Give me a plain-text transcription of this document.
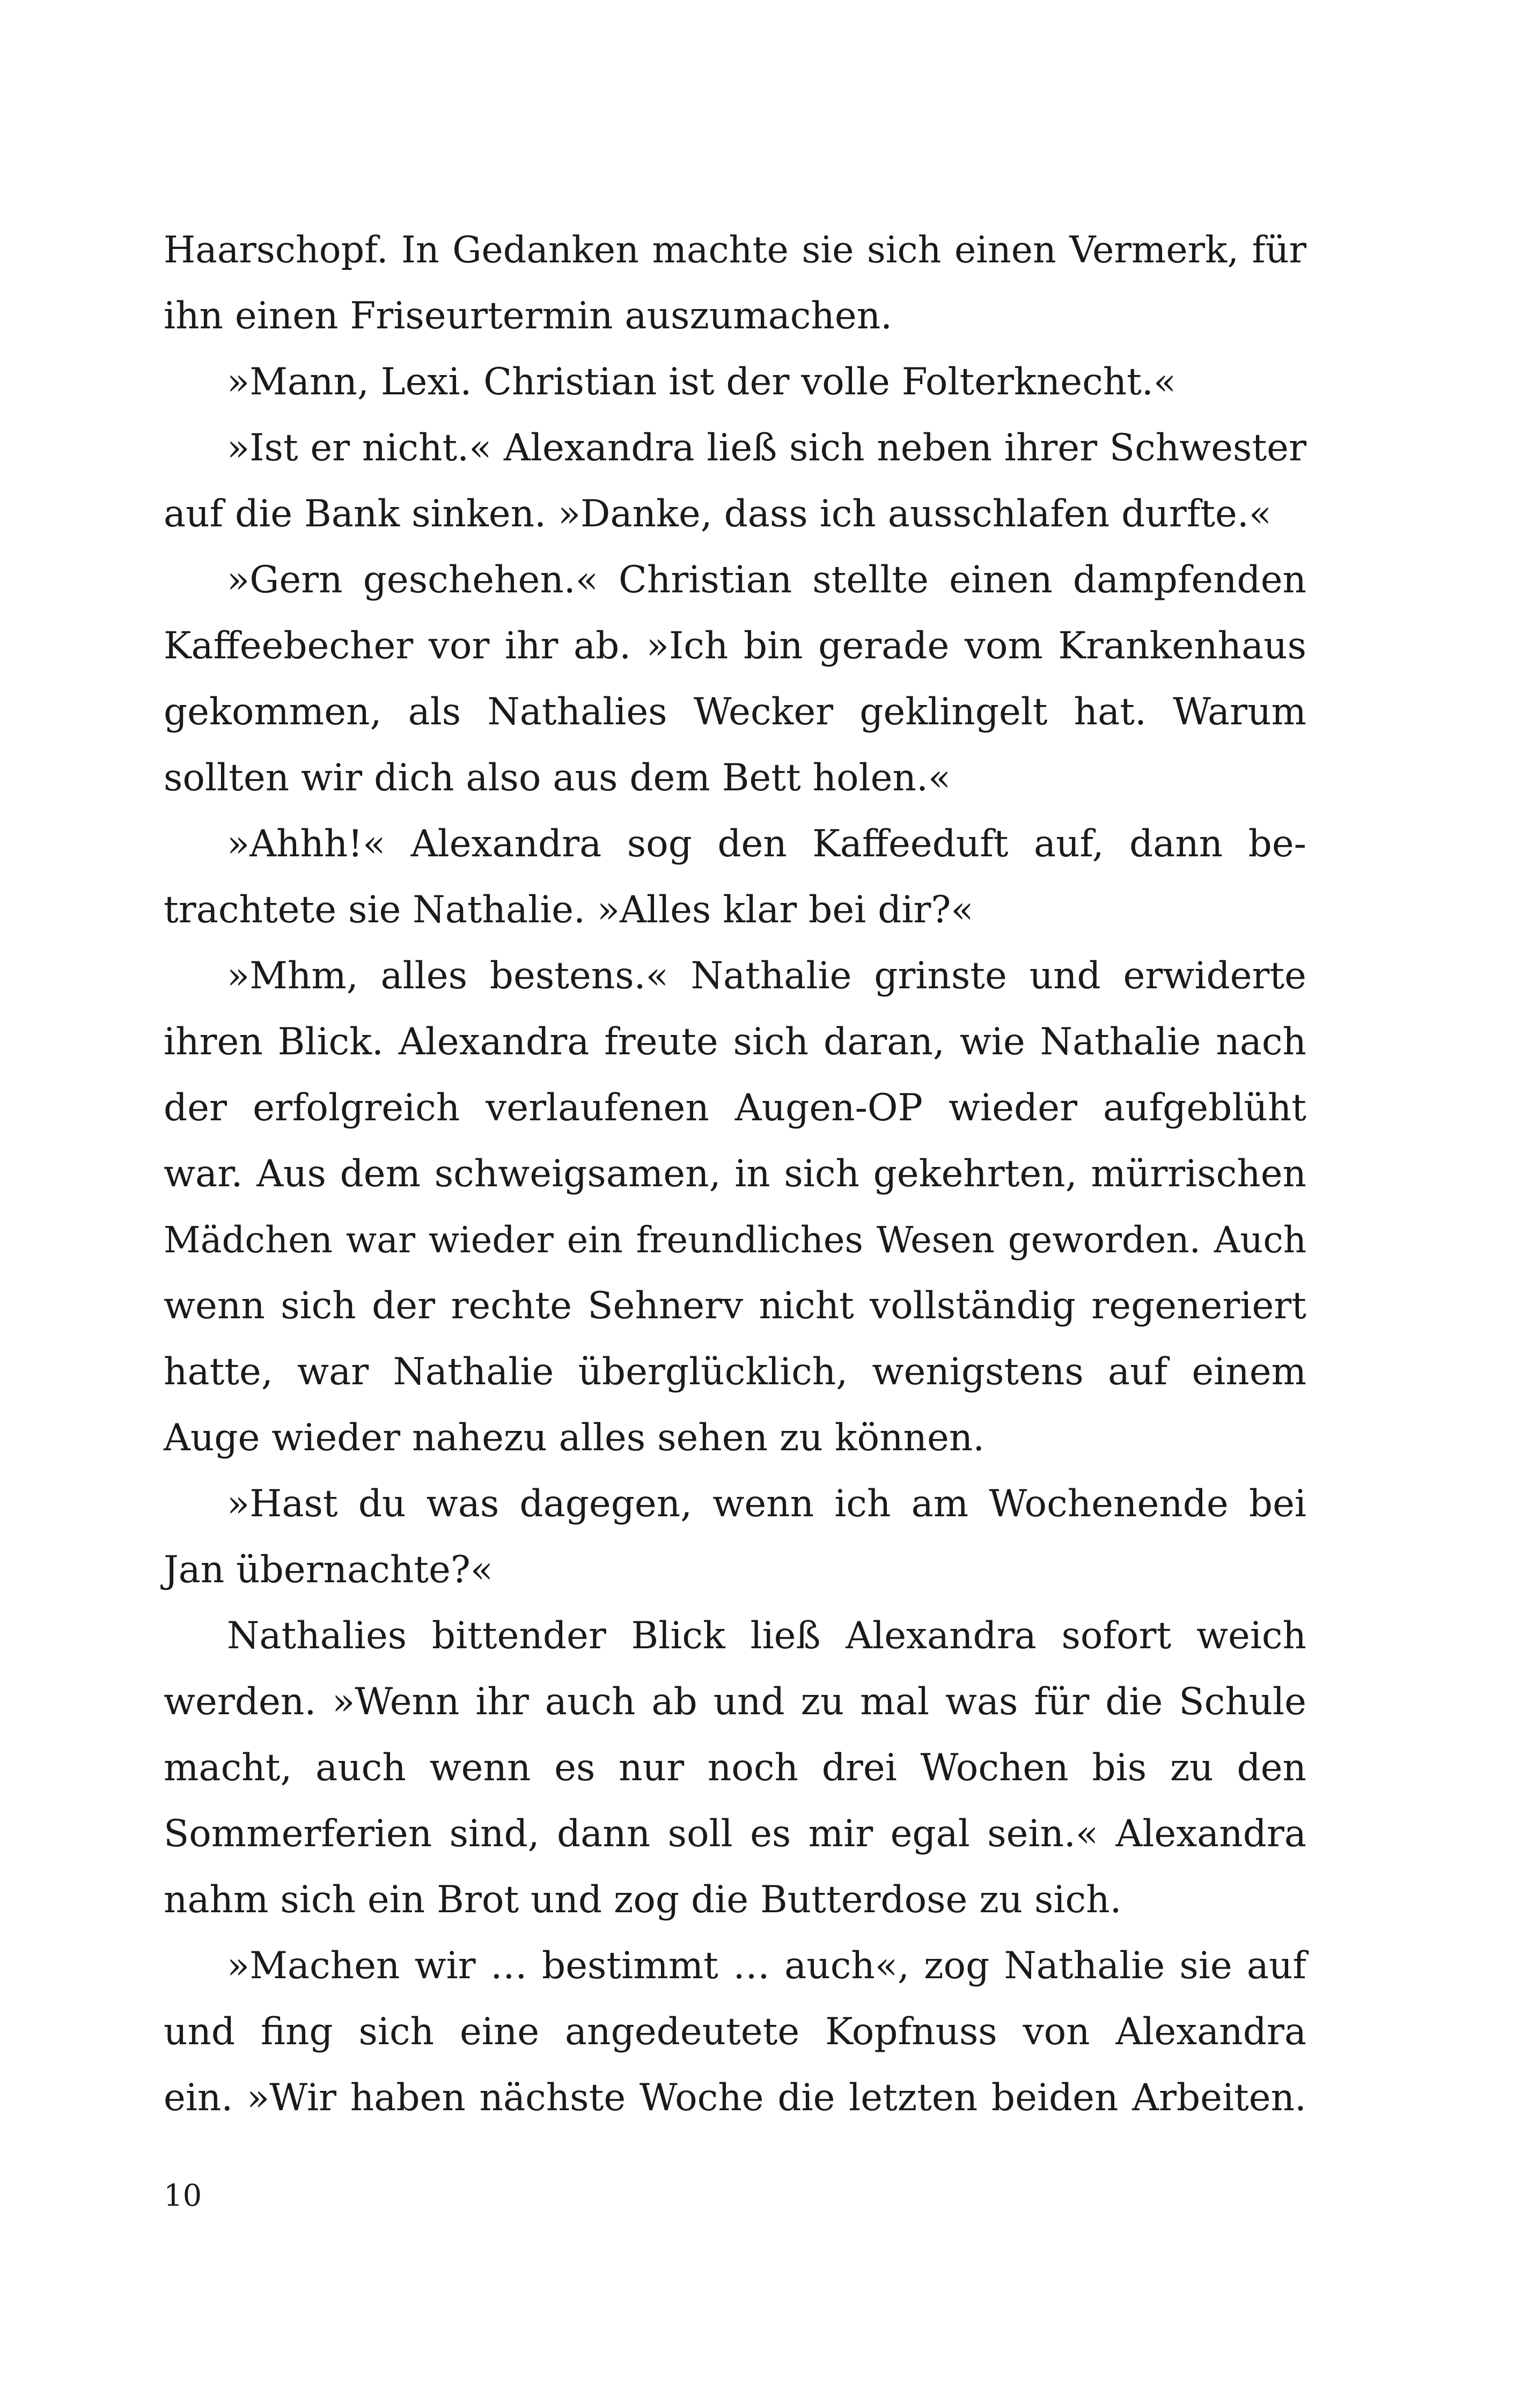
Haarschopf. In Gedanken machte sie sich einen Vermerk, für
ihn einen Friseurtermin auszumachen.
»Mann, Lexi. Christian ist der volle Folterknecht.«
»Ist er nicht.« Alexandra ließ sich neben ihrer Schwester
auf die Bank sinken. »Danke, dass ich ausschlafen durfte.«
»Gern geschehen.« Christian stellte einen dampfenden
Kaffeebecher vor ihr ab. »Ich bin gerade vom Krankenhaus
gekommen, als Nathalies Wecker geklingelt hat. Warum
sollten wir dich also aus dem Bett holen.«
»Ahhh!« Alexandra sog den Kaffeeduft auf, dann be-
trachtete sie Nathalie. »Alles klar bei dir?«
»Mhm, alles bestens.« Nathalie grinste und erwiderte
ihren Blick. Alexandra freute sich daran, wie Nathalie nach
der erfolgreich verlaufenen Augen-OP wieder aufgeblüht
war. Aus dem schweigsamen, in sich gekehrten, mürrischen
Mädchen war wieder ein freundliches Wesen geworden. Auch
wenn sich der rechte Sehnerv nicht vollständig regeneriert
hatte, war Nathalie überglücklich, wenigstens auf einem
Auge wieder nahezu alles sehen zu können.
»Hast du was dagegen, wenn ich am Wochenende bei
Jan übernachte?«
Nathalies bittender Blick ließ Alexandra sofort weich
werden. »Wenn ihr auch ab und zu mal was für die Schule
macht, auch wenn es nur noch drei Wochen bis zu den
Sommerferien sind, dann soll es mir egal sein.« Alexandra
nahm sich ein Brot und zog die Butterdose zu sich.
»Machen wir … bestimmt … auch«, zog Nathalie sie auf
und fing sich eine angedeutete Kopfnuss von Alexandra
ein. »Wir haben nächste Woche die letzten beiden Arbeiten.
10
